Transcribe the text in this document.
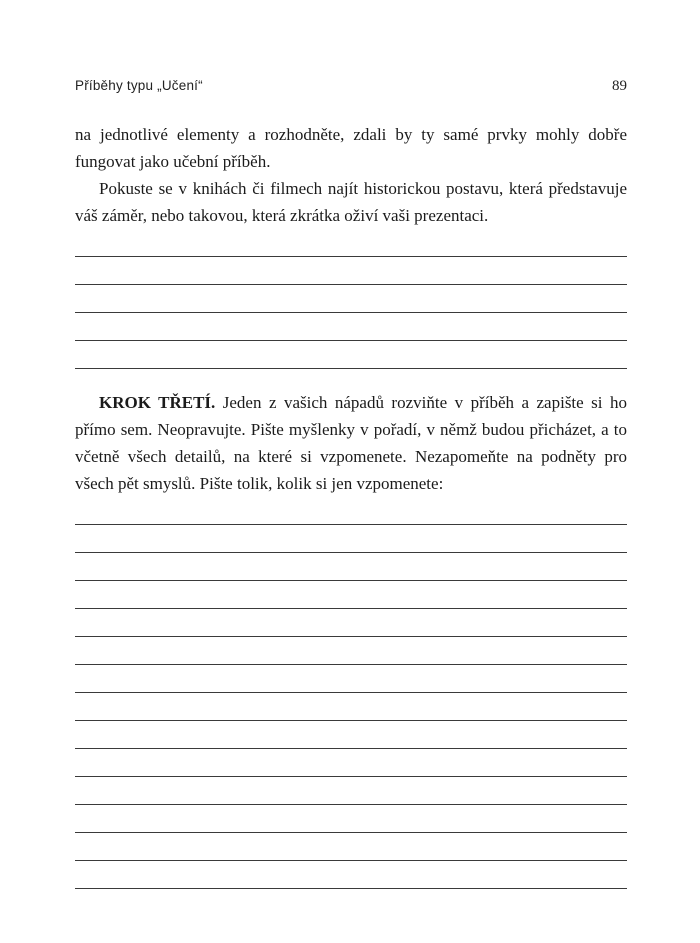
Příběhy typu „Učení“	89

na jednotlivé elementy a rozhodněte, zdali by ty samé prvky mohly dobře fungovat jako učební příběh.

Pokuste se v knihách či filmech najít historickou postavu, která představuje váš záměr, nebo takovou, která zkrátka oživí vaši prezentaci.

KROK TŘETÍ. Jeden z vašich nápadů rozviňte v příběh a zapište si ho přímo sem. Neopravujte. Pište myšlenky v pořadí, v němž budou přicházet, a to včetně všech detailů, na které si vzpomenete. Nezapomeňte na podněty pro všech pět smyslů. Pište tolik, kolik si jen vzpomenete:
